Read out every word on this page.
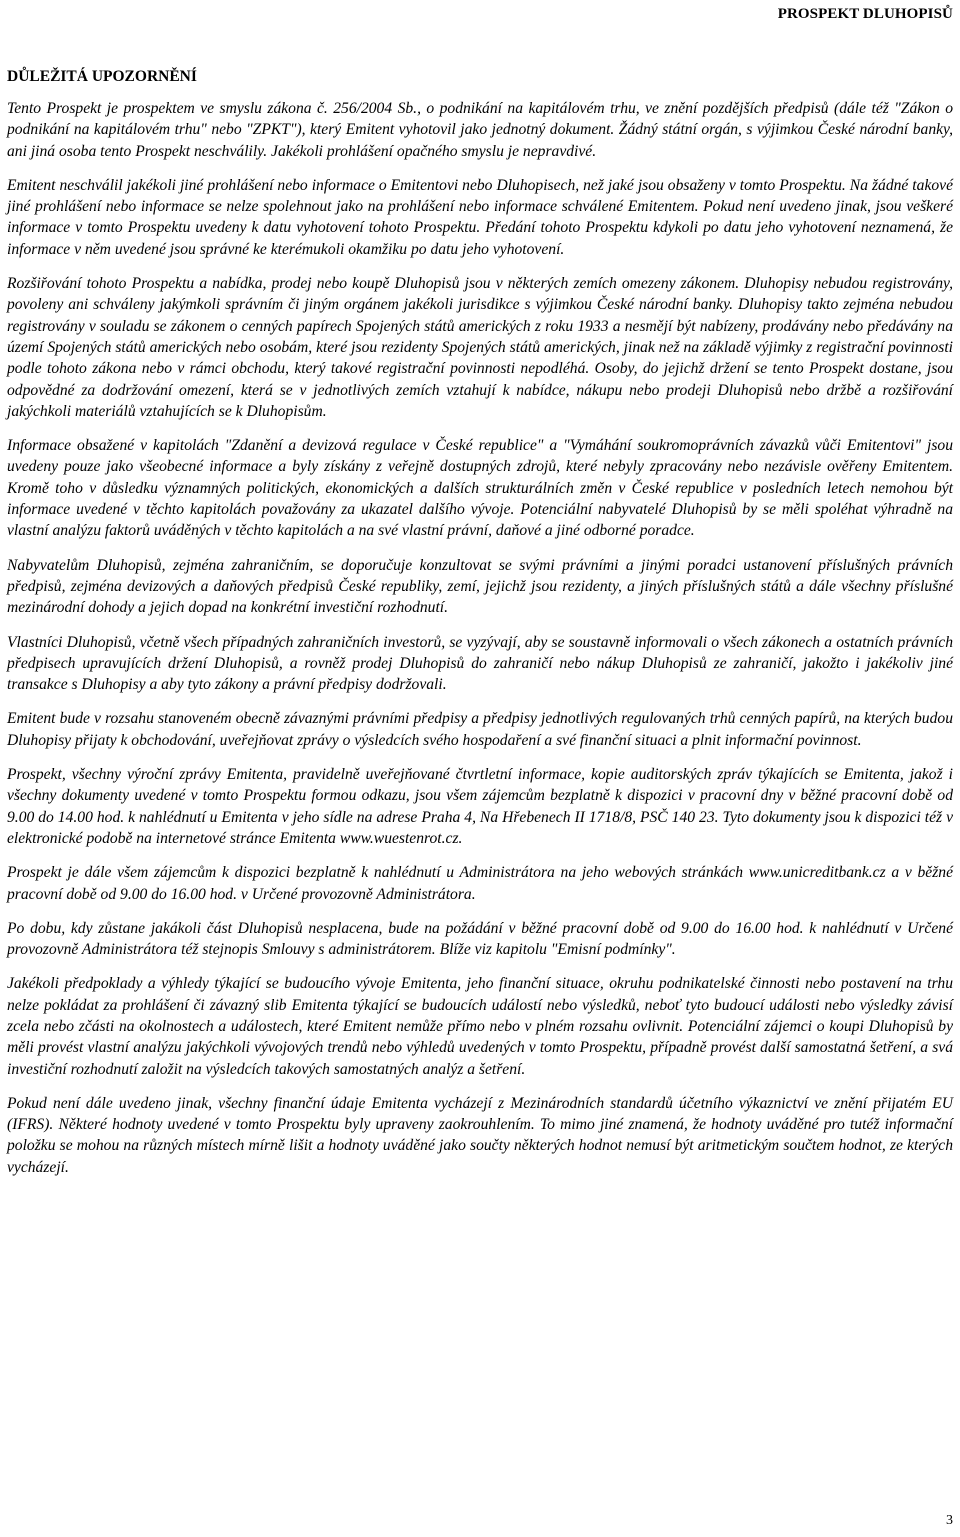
PROSPEKT DLUHOPISŮ
DŮLEŽITÁ UPOZORNĚNÍ

Tento Prospekt je prospektem ve smyslu zákona č. 256/2004 Sb., o podnikání na kapitálovém trhu, ve znění pozdějších předpisů (dále též "Zákon o podnikání na kapitálovém trhu" nebo "ZPKT"), který Emitent vyhotovil jako jednotný dokument. Žádný státní orgán, s výjimkou České národní banky, ani jiná osoba tento Prospekt neschválily. Jakékoli prohlášení opačného smyslu je nepravdivé.

Emitent neschválil jakékoli jiné prohlášení nebo informace o Emitentovi nebo Dluhopisech, než jaké jsou obsaženy v tomto Prospektu. Na žádné takové jiné prohlášení nebo informace se nelze spolehnout jako na prohlášení nebo informace schválené Emitentem. Pokud není uvedeno jinak, jsou veškeré informace v tomto Prospektu uvedeny k datu vyhotovení tohoto Prospektu. Předání tohoto Prospektu kdykoli po datu jeho vyhotovení neznamená, že informace v něm uvedené jsou správné ke kterémukoli okamžiku po datu jeho vyhotovení.

Rozšiřování tohoto Prospektu a nabídka, prodej nebo koupě Dluhopisů jsou v některých zemích omezeny zákonem. Dluhopisy nebudou registrovány, povoleny ani schváleny jakýmkoli správním či jiným orgánem jakékoli jurisdikce s výjimkou České národní banky. Dluhopisy takto zejména nebudou registrovány v souladu se zákonem o cenných papírech Spojených států amerických z roku 1933 a nesmějí být nabízeny, prodávány nebo předávány na území Spojených států amerických nebo osobám, které jsou rezidenty Spojených států amerických, jinak než na základě výjimky z registrační povinnosti podle tohoto zákona nebo v rámci obchodu, který takové registrační povinnosti nepodléhá. Osoby, do jejichž držení se tento Prospekt dostane, jsou odpovědné za dodržování omezení, která se v jednotlivých zemích vztahují k nabídce, nákupu nebo prodeji Dluhopisů nebo držbě a rozšiřování jakýchkoli materiálů vztahujících se k Dluhopisům.

Informace obsažené v kapitolách "Zdanění a devizová regulace v České republice" a "Vymáhání soukromoprávních závazků vůči Emitentovi" jsou uvedeny pouze jako všeobecné informace a byly získány z veřejně dostupných zdrojů, které nebyly zpracovány nebo nezávisle ověřeny Emitentem. Kromě toho v důsledku významných politických, ekonomických a dalších strukturálních změn v České republice v posledních letech nemohou být informace uvedené v těchto kapitolách považovány za ukazatel dalšího vývoje. Potenciální nabyvatelé Dluhopisů by se měli spoléhat výhradně na vlastní analýzu faktorů uváděných v těchto kapitolách a na své vlastní právní, daňové a jiné odborné poradce.

Nabyvatelům Dluhopisů, zejména zahraničním, se doporučuje konzultovat se svými právními a jinými poradci ustanovení příslušných právních předpisů, zejména devizových a daňových předpisů České republiky, zemí, jejichž jsou rezidenty, a jiných příslušných států a dále všechny příslušné mezinárodní dohody a jejich dopad na konkrétní investiční rozhodnutí.

Vlastníci Dluhopisů, včetně všech případných zahraničních investorů, se vyzývají, aby se soustavně informovali o všech zákonech a ostatních právních předpisech upravujících držení Dluhopisů, a rovněž prodej Dluhopisů do zahraničí nebo nákup Dluhopisů ze zahraničí, jakožto i jakékoliv jiné transakce s Dluhopisy a aby tyto zákony a právní předpisy dodržovali.

Emitent bude v rozsahu stanoveném obecně závaznými právními předpisy a předpisy jednotlivých regulovaných trhů cenných papírů, na kterých budou Dluhopisy přijaty k obchodování, uveřejňovat zprávy o výsledcích svého hospodaření a své finanční situaci a plnit informační povinnost.

Prospekt, všechny výroční zprávy Emitenta, pravidelně uveřejňované čtvrtletní informace, kopie auditorských zpráv týkajících se Emitenta, jakož i všechny dokumenty uvedené v tomto Prospektu formou odkazu, jsou všem zájemcům bezplatně k dispozici v pracovní dny v běžné pracovní době od 9.00 do 14.00 hod. k nahlédnutí u Emitenta v jeho sídle na adrese Praha 4, Na Hřebenech II 1718/8, PSČ 140 23. Tyto dokumenty jsou k dispozici též v elektronické podobě na internetové stránce Emitenta www.wuestenrot.cz.

Prospekt je dále všem zájemcům k dispozici bezplatně k nahlédnutí u Administrátora na jeho webových stránkách www.unicreditbank.cz a v běžné pracovní době od 9.00 do 16.00 hod. v Určené provozovně Administrátora.

Po dobu, kdy zůstane jakákoli část Dluhopisů nesplacena, bude na požádání v běžné pracovní době od 9.00 do 16.00 hod. k nahlédnutí v Určené provozovně Administrátora též stejnopis Smlouvy s administrátorem. Blíže viz kapitolu "Emisní podmínky".

Jakékoli předpoklady a výhledy týkající se budoucího vývoje Emitenta, jeho finanční situace, okruhu podnikatelské činnosti nebo postavení na trhu nelze pokládat za prohlášení či závazný slib Emitenta týkající se budoucích událostí nebo výsledků, neboť tyto budoucí události nebo výsledky závisí zcela nebo zčásti na okolnostech a událostech, které Emitent nemůže přímo nebo v plném rozsahu ovlivnit. Potenciální zájemci o koupi Dluhopisů by měli provést vlastní analýzu jakýchkoli vývojových trendů nebo výhledů uvedených v tomto Prospektu, případně provést další samostatná šetření, a svá investiční rozhodnutí založit na výsledcích takových samostatných analýz a šetření.

Pokud není dále uvedeno jinak, všechny finanční údaje Emitenta vycházejí z Mezinárodních standardů účetního výkaznictví ve znění přijatém EU (IFRS). Některé hodnoty uvedené v tomto Prospektu byly upraveny zaokrouhlením. To mimo jiné znamená, že hodnoty uváděné pro tutéž informační položku se mohou na různých místech mírně lišit a hodnoty uváděné jako součty některých hodnot nemusí být aritmetickým součtem hodnot, ze kterých vycházejí.

3
